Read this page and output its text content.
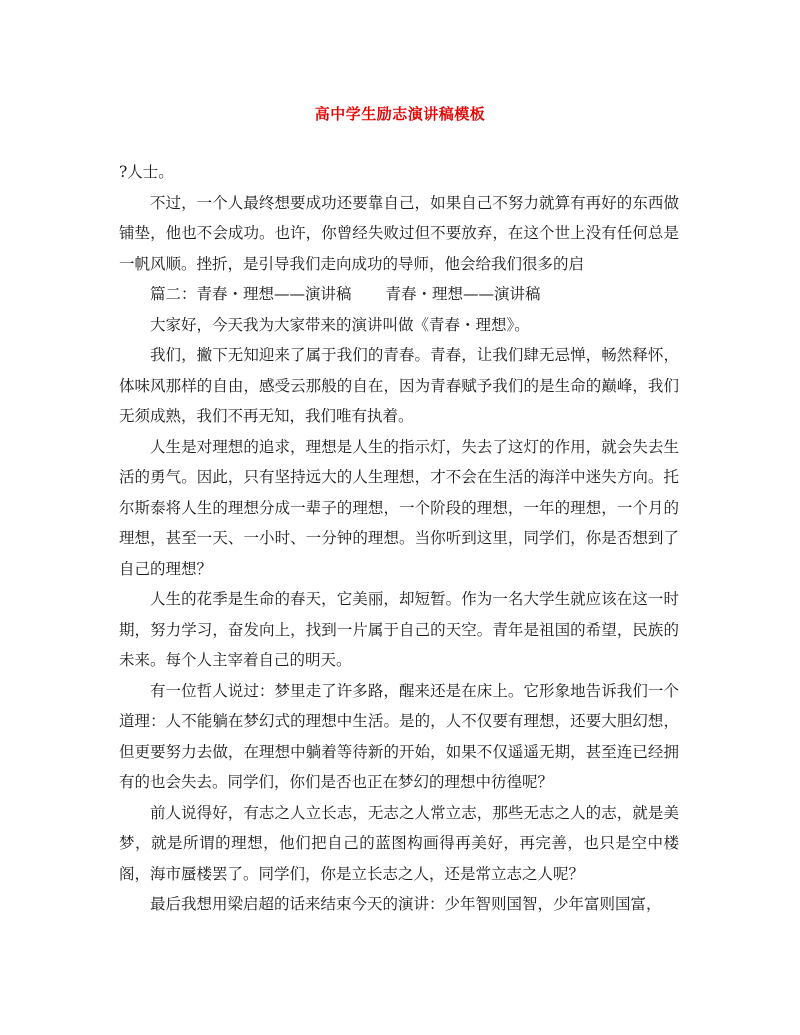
高中学生励志演讲稿模板

?人士。

不过，一个人最终想要成功还要靠自己，如果自己不努力就算有再好的东西做铺垫，他也不会成功。也许，你曾经失败过但不要放弃，在这个世上没有任何总是一帆风顺。挫折，是引导我们走向成功的导师，他会给我们很多的启

篇二：青春・理想——演讲稿 青春・理想——演讲稿

大家好，今天我为大家带来的演讲叫做《青春・理想》。

我们，撇下无知迎来了属于我们的青春。青春，让我们肆无忌惮，畅然释怀，体味风那样的自由，感受云那般的自在，因为青春赋予我们的是生命的巅峰，我们无须成熟，我们不再无知，我们唯有执着。

人生是对理想的追求，理想是人生的指示灯，失去了这灯的作用，就会失去生活的勇气。因此，只有坚持远大的人生理想，才不会在生活的海洋中迷失方向。托尔斯泰将人生的理想分成一辈子的理想，一个阶段的理想，一年的理想，一个月的理想，甚至一天、一小时、一分钟的理想。当你听到这里，同学们，你是否想到了自己的理想？

人生的花季是生命的春天，它美丽，却短暂。作为一名大学生就应该在这一时期，努力学习，奋发向上，找到一片属于自己的天空。青年是祖国的希望，民族的未来。每个人主宰着自己的明天。

有一位哲人说过：梦里走了许多路，醒来还是在床上。它形象地告诉我们一个道理：人不能躺在梦幻式的理想中生活。是的，人不仅要有理想，还要大胆幻想，但更要努力去做，在理想中躺着等待新的开始，如果不仅遥遥无期，甚至连已经拥有的也会失去。同学们，你们是否也正在梦幻的理想中彷徨呢？

前人说得好，有志之人立长志，无志之人常立志，那些无志之人的志，就是美梦，就是所谓的理想，他们把自己的蓝图构画得再美好，再完善，也只是空中楼阁，海市蜃楼罢了。同学们，你是立长志之人，还是常立志之人呢？

最后我想用梁启超的话来结束今天的演讲：少年智则国智，少年富则国富，
